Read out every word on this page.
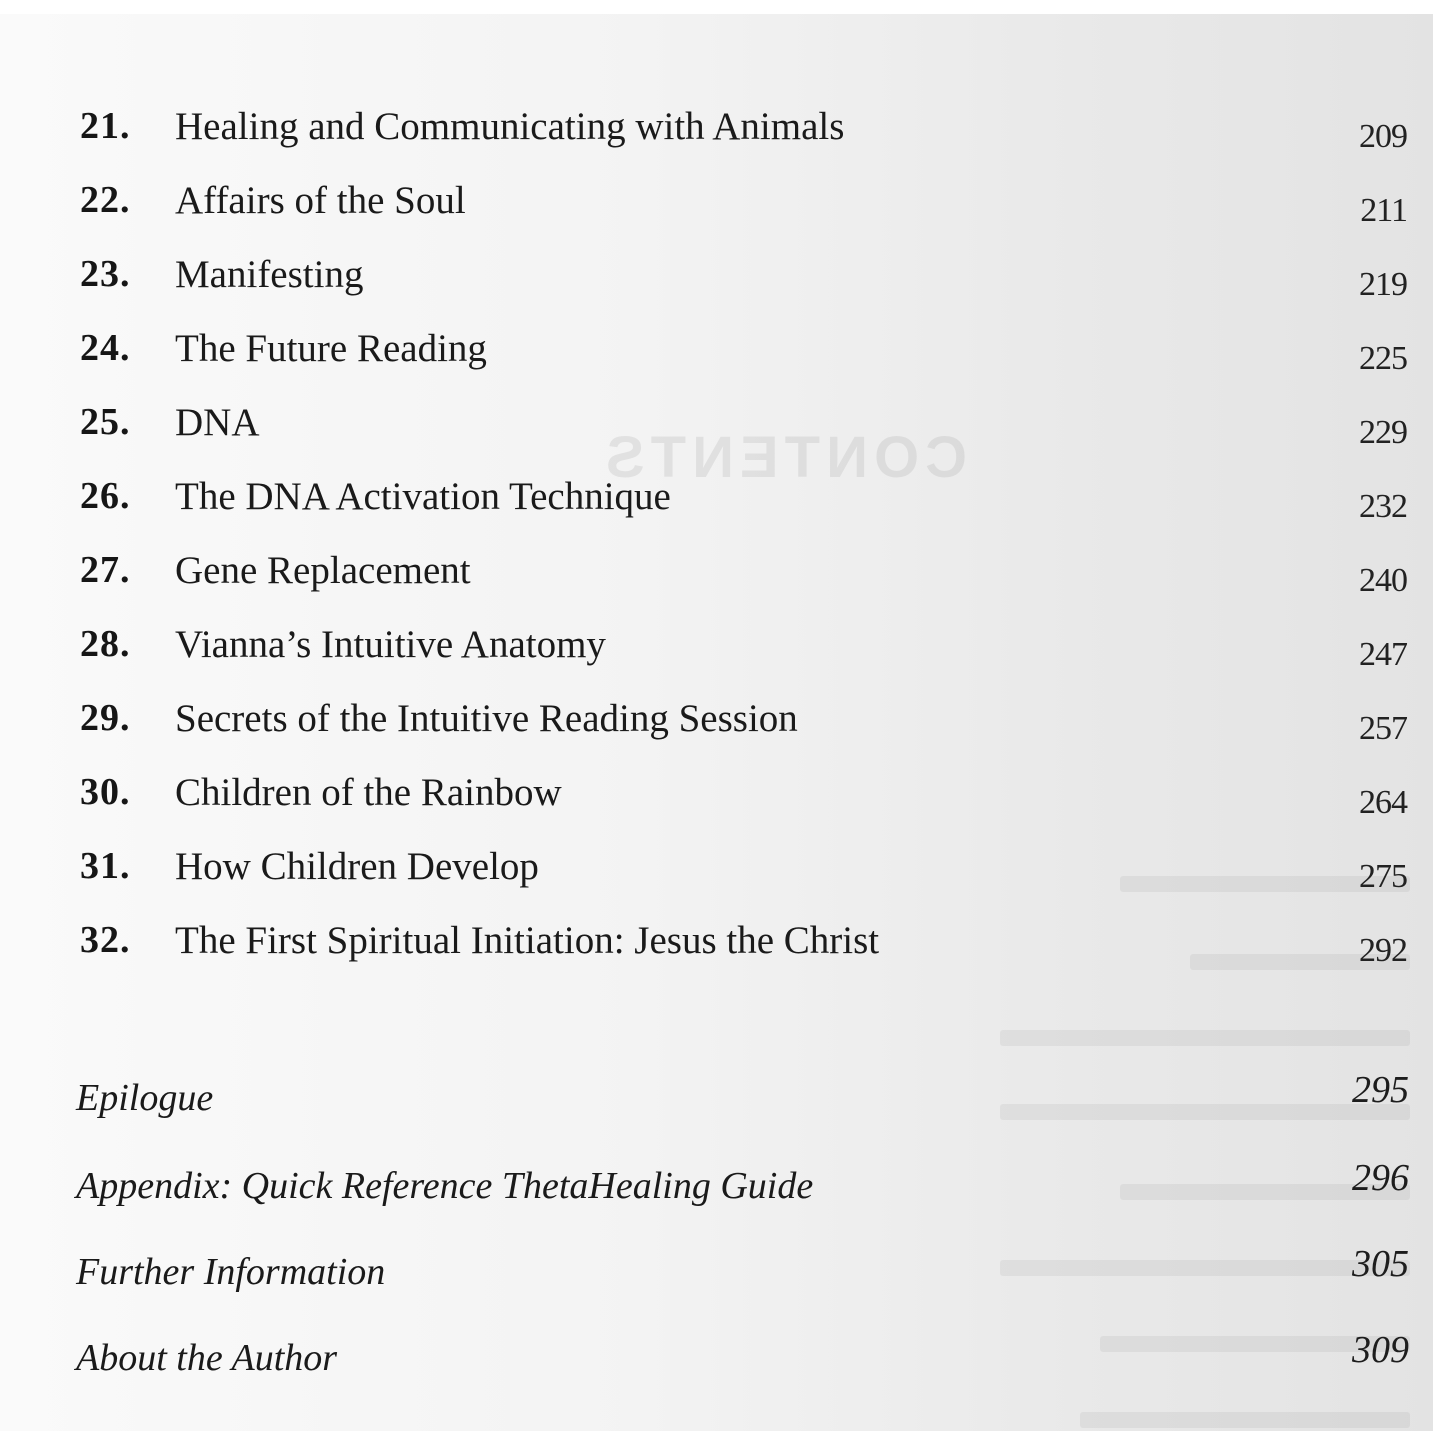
CONTENTS
21. Healing and Communicating with Animals	209
22. Affairs of the Soul	211
23. Manifesting	219
24. The Future Reading	225
25. DNA	229
26. The DNA Activation Technique	232
27. Gene Replacement	240
28. Vianna’s Intuitive Anatomy	247
29. Secrets of the Intuitive Reading Session	257
30. Children of the Rainbow	264
31. How Children Develop	275
32. The First Spiritual Initiation: Jesus the Christ	292
Epilogue	295
Appendix: Quick Reference ThetaHealing Guide	296
Further Information	305
About the Author	309
